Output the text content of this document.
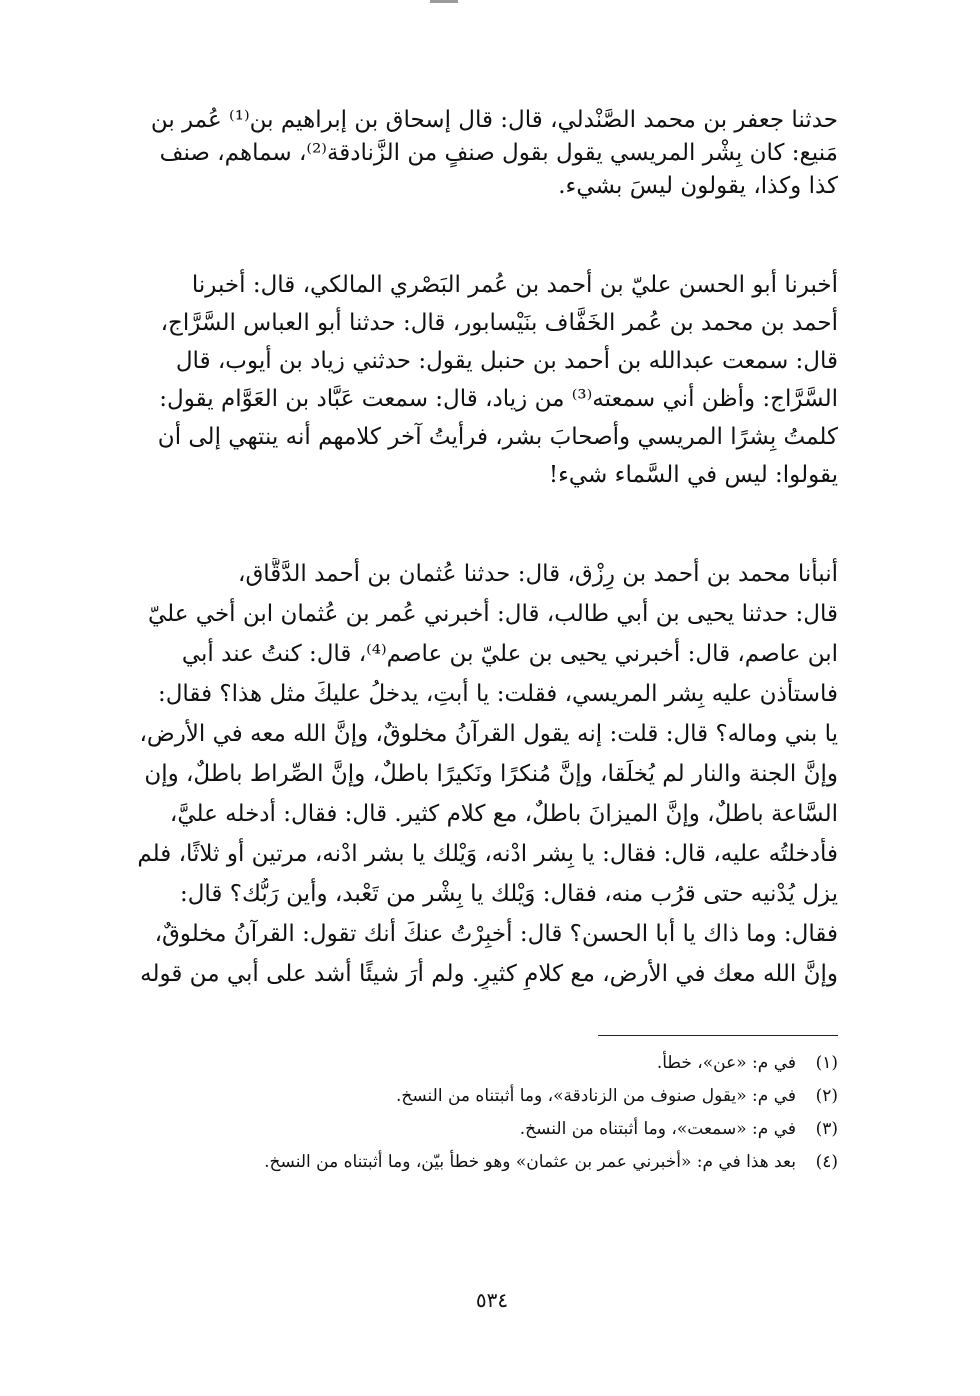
حدثنا جعفر بن محمد الصَّنْدلي، قال: قال إسحاق بن إبراهيم بن⁽¹⁾ عُمر بن
مَنيع: كان بِشْر المريسي يقول بقول صنفٍ من الزَّنادقة⁽²⁾، سماهم، صنف
كذا وكذا، يقولون ليسَ بشيء.
أخبرنا أبو الحسن عليّ بن أحمد بن عُمر البَصْري المالكي، قال: أخبرنا
أحمد بن محمد بن عُمر الخَفَّاف بنَيْسابور، قال: حدثنا أبو العباس السَّرَّاج،
قال: سمعت عبدالله بن أحمد بن حنبل يقول: حدثني زياد بن أيوب، قال
السَّرَّاج: وأظن أني سمعته⁽³⁾ من زياد، قال: سمعت عَبَّاد بن العَوَّام يقول:
كلمتُ بِشرًا المريسي وأصحابَ بشر، فرأيتُ آخر كلامهم أنه ينتهي إلى أن
يقولوا: ليس في السَّماء شيء!
أنبأنا محمد بن أحمد بن رِزْق، قال: حدثنا عُثمان بن أحمد الدَّقَّاق،
قال: حدثنا يحيى بن أبي طالب، قال: أخبرني عُمر بن عُثمان ابن أخي عليّ
ابن عاصم، قال: أخبرني يحيى بن عليّ بن عاصم⁽⁴⁾، قال: كنتُ عند أبي
فاستأذن عليه بِشر المريسي، فقلت: يا أبتِ، يدخلُ عليكَ مثل هذا؟ فقال:
يا بني وماله؟ قال: قلت: إنه يقول القرآنُ مخلوقٌ، وإنَّ الله معه في الأرض،
وإنَّ الجنة والنار لم يُخلَقا، وإنَّ مُنكرًا ونَكيرًا باطلٌ، وإنَّ الصِّراط باطلٌ، وإن
السَّاعة باطلٌ، وإنَّ الميزانَ باطلٌ، مع كلام كثير. قال: فقال: أدخله عليَّ،
فأدخلتُه عليه، قال: فقال: يا بِشر ادْنه، وَيْلك يا بشر ادْنه، مرتين أو ثلاثًا، فلم
يزل يُدْنيه حتى قرُب منه، فقال: وَيْلك يا بِشْر من تَعْبد، وأين رَبُّك؟ قال:
فقال: وما ذاك يا أبا الحسن؟ قال: أُخبِرْتُ عنكَ أنك تقول: القرآنُ مخلوقٌ،
وإنَّ الله معك في الأرض، مع كلامٍ كثيرٍ. ولم أرَ شيئًا أشد على أبي من قوله
(١)
في م: «عن»، خطأ.
(٢)
في م: «يقول صنوف من الزنادقة»، وما أثبتناه من النسخ.
(٣)
في م: «سمعت»، وما أثبتناه من النسخ.
(٤)
بعد هذا في م: «أخبرني عمر بن عثمان» وهو خطأ بيّن، وما أثبتناه من النسخ.
٥٣٤
